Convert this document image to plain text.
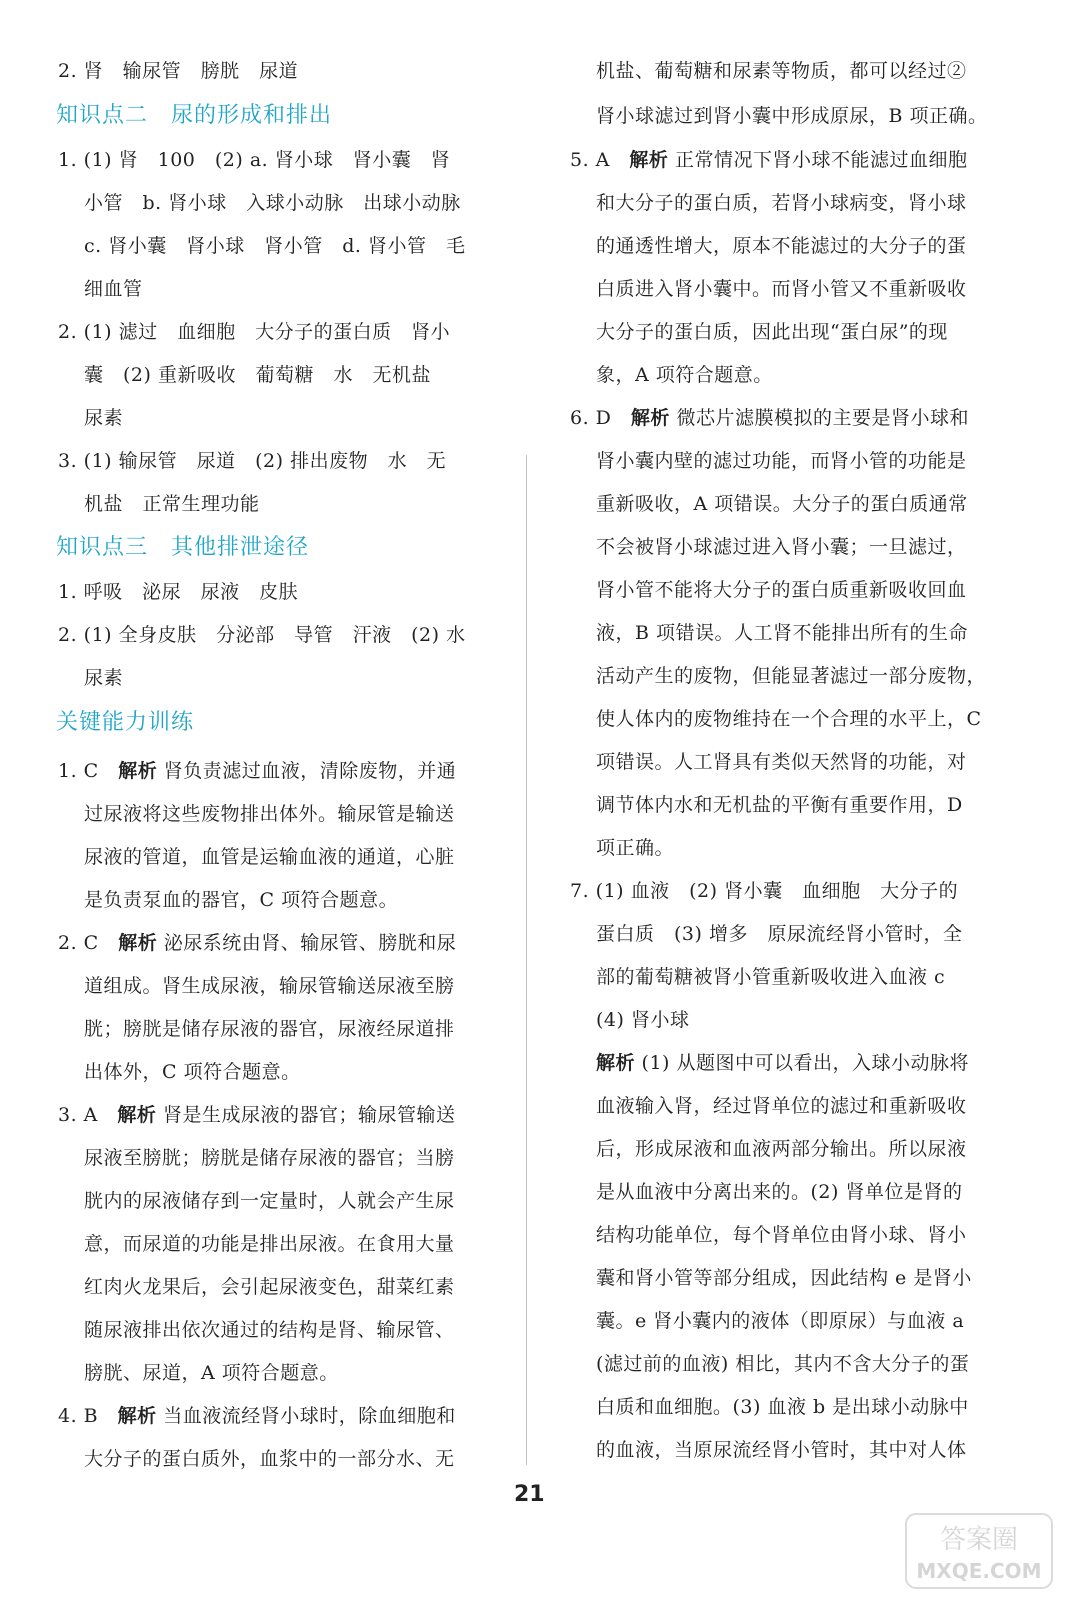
2. 肾　输尿管　膀胱　尿道
知识点二　尿的形成和排出
1. (1) 肾　100　(2) a. 肾小球　肾小囊　肾
小管　b. 肾小球　入球小动脉　出球小动脉
c. 肾小囊　肾小球　肾小管　d. 肾小管　毛
细血管
2. (1) 滤过　血细胞　大分子的蛋白质　肾小
囊　(2) 重新吸收　葡萄糖　水　无机盐
尿素
3. (1) 输尿管　尿道　(2) 排出废物　水　无
机盐　正常生理功能
知识点三　其他排泄途径
1. 呼吸　泌尿　尿液　皮肤
2. (1) 全身皮肤　分泌部　导管　汗液　(2) 水
尿素
关键能力训练
1. C　 解析 肾负责滤过血液，清除废物，并通
过尿液将这些废物排出体外。输尿管是输送
尿液的管道，血管是运输血液的通道，心脏
是负责泵血的器官，C 项符合题意。
2. C　 解析 泌尿系统由肾、输尿管、膀胱和尿
道组成。肾生成尿液，输尿管输送尿液至膀
胱；膀胱是储存尿液的器官，尿液经尿道排
出体外，C 项符合题意。
3. A　 解析 肾是生成尿液的器官；输尿管输送
尿液至膀胱；膀胱是储存尿液的器官；当膀
胱内的尿液储存到一定量时，人就会产生尿
意，而尿道的功能是排出尿液。在食用大量
红肉火龙果后，会引起尿液变色，甜菜红素
随尿液排出依次通过的结构是肾、输尿管、
膀胱、尿道，A 项符合题意。
4. B　 解析 当血液流经肾小球时，除血细胞和
大分子的蛋白质外，血浆中的一部分水、无
机盐、葡萄糖和尿素等物质，都可以经过②
肾小球滤过到肾小囊中形成原尿，B 项正确。
5. A　 解析 正常情况下肾小球不能滤过血细胞
和大分子的蛋白质，若肾小球病变，肾小球
的通透性增大，原本不能滤过的大分子的蛋
白质进入肾小囊中。而肾小管又不重新吸收
大分子的蛋白质，因此出现“蛋白尿”的现
象，A 项符合题意。
6. D　 解析 微芯片滤膜模拟的主要是肾小球和
肾小囊内壁的滤过功能，而肾小管的功能是
重新吸收，A 项错误。大分子的蛋白质通常
不会被肾小球滤过进入肾小囊；一旦滤过，
肾小管不能将大分子的蛋白质重新吸收回血
液，B 项错误。人工肾不能排出所有的生命
活动产生的废物，但能显著滤过一部分废物，
使人体内的废物维持在一个合理的水平上，C
项错误。人工肾具有类似天然肾的功能，对
调节体内水和无机盐的平衡有重要作用，D
项正确。
7. (1) 血液　(2) 肾小囊　血细胞　大分子的
蛋白质　(3) 增多　原尿流经肾小管时，全
部的葡萄糖被肾小管重新吸收进入血液 c
(4) 肾小球
解析 (1) 从题图中可以看出，入球小动脉将
血液输入肾，经过肾单位的滤过和重新吸收
后，形成尿液和血液两部分输出。所以尿液
是从血液中分离出来的。(2) 肾单位是肾的
结构功能单位，每个肾单位由肾小球、肾小
囊和肾小管等部分组成，因此结构 e 是肾小
囊。e 肾小囊内的液体（即原尿）与血液 a
(滤过前的血液) 相比，其内不含大分子的蛋
白质和血细胞。(3) 血液 b 是出球小动脉中
的血液，当原尿流经肾小管时，其中对人体
21
答案圈
MXQE.COM
